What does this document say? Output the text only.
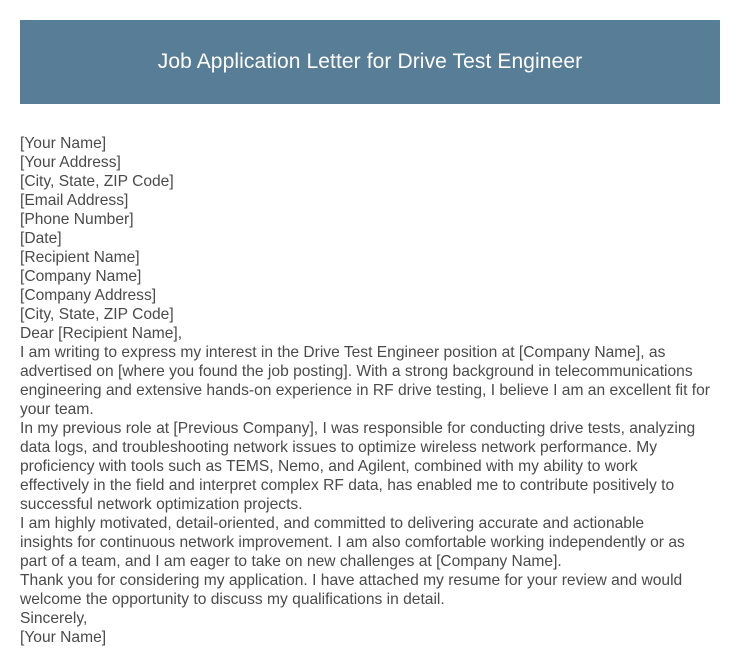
Job Application Letter for Drive Test Engineer
[Your Name]
[Your Address]
[City, State, ZIP Code]
[Email Address]
[Phone Number]
[Date]
[Recipient Name]
[Company Name]
[Company Address]
[City, State, ZIP Code]
Dear [Recipient Name],
I am writing to express my interest in the Drive Test Engineer position at [Company Name], as
advertised on [where you found the job posting]. With a strong background in telecommunications
engineering and extensive hands-on experience in RF drive testing, I believe I am an excellent fit for
your team.
In my previous role at [Previous Company], I was responsible for conducting drive tests, analyzing
data logs, and troubleshooting network issues to optimize wireless network performance. My
proficiency with tools such as TEMS, Nemo, and Agilent, combined with my ability to work
effectively in the field and interpret complex RF data, has enabled me to contribute positively to
successful network optimization projects.
I am highly motivated, detail-oriented, and committed to delivering accurate and actionable
insights for continuous network improvement. I am also comfortable working independently or as
part of a team, and I am eager to take on new challenges at [Company Name].
Thank you for considering my application. I have attached my resume for your review and would
welcome the opportunity to discuss my qualifications in detail.
Sincerely,
[Your Name]
